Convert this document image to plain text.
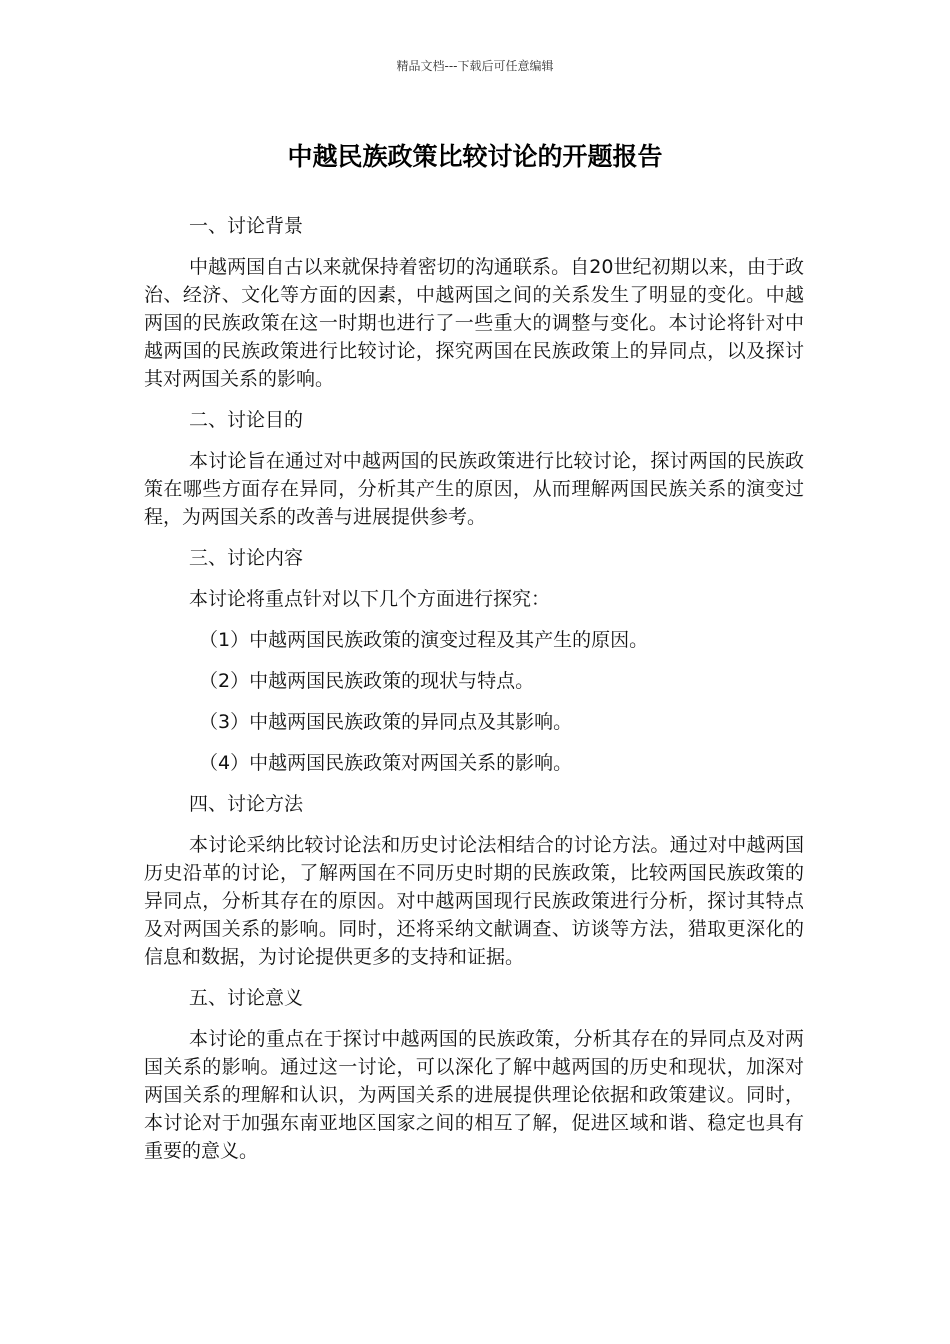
精品文档---下载后可任意编辑
中越民族政策比较讨论的开题报告

一、讨论背景

中越两国自古以来就保持着密切的沟通联系。自20世纪初期以来，由于政治、经济、文化等方面的因素，中越两国之间的关系发生了明显的变化。中越两国的民族政策在这一时期也进行了一些重大的调整与变化。本讨论将针对中越两国的民族政策进行比较讨论，探究两国在民族政策上的异同点，以及探讨其对两国关系的影响。

二、讨论目的

本讨论旨在通过对中越两国的民族政策进行比较讨论，探讨两国的民族政策在哪些方面存在异同，分析其产生的原因，从而理解两国民族关系的演变过程，为两国关系的改善与进展提供参考。

三、讨论内容

本讨论将重点针对以下几个方面进行探究：

（1）中越两国民族政策的演变过程及其产生的原因。

（2）中越两国民族政策的现状与特点。

（3）中越两国民族政策的异同点及其影响。

（4）中越两国民族政策对两国关系的影响。

四、讨论方法

本讨论采纳比较讨论法和历史讨论法相结合的讨论方法。通过对中越两国历史沿革的讨论，了解两国在不同历史时期的民族政策，比较两国民族政策的异同点，分析其存在的原因。对中越两国现行民族政策进行分析，探讨其特点及对两国关系的影响。同时，还将采纳文献调查、访谈等方法，猎取更深化的信息和数据，为讨论提供更多的支持和证据。

五、讨论意义

本讨论的重点在于探讨中越两国的民族政策，分析其存在的异同点及对两国关系的影响。通过这一讨论，可以深化了解中越两国的历史和现状，加深对两国关系的理解和认识，为两国关系的进展提供理论依据和政策建议。同时，本讨论对于加强东南亚地区国家之间的相互了解，促进区域和谐、稳定也具有重要的意义。
